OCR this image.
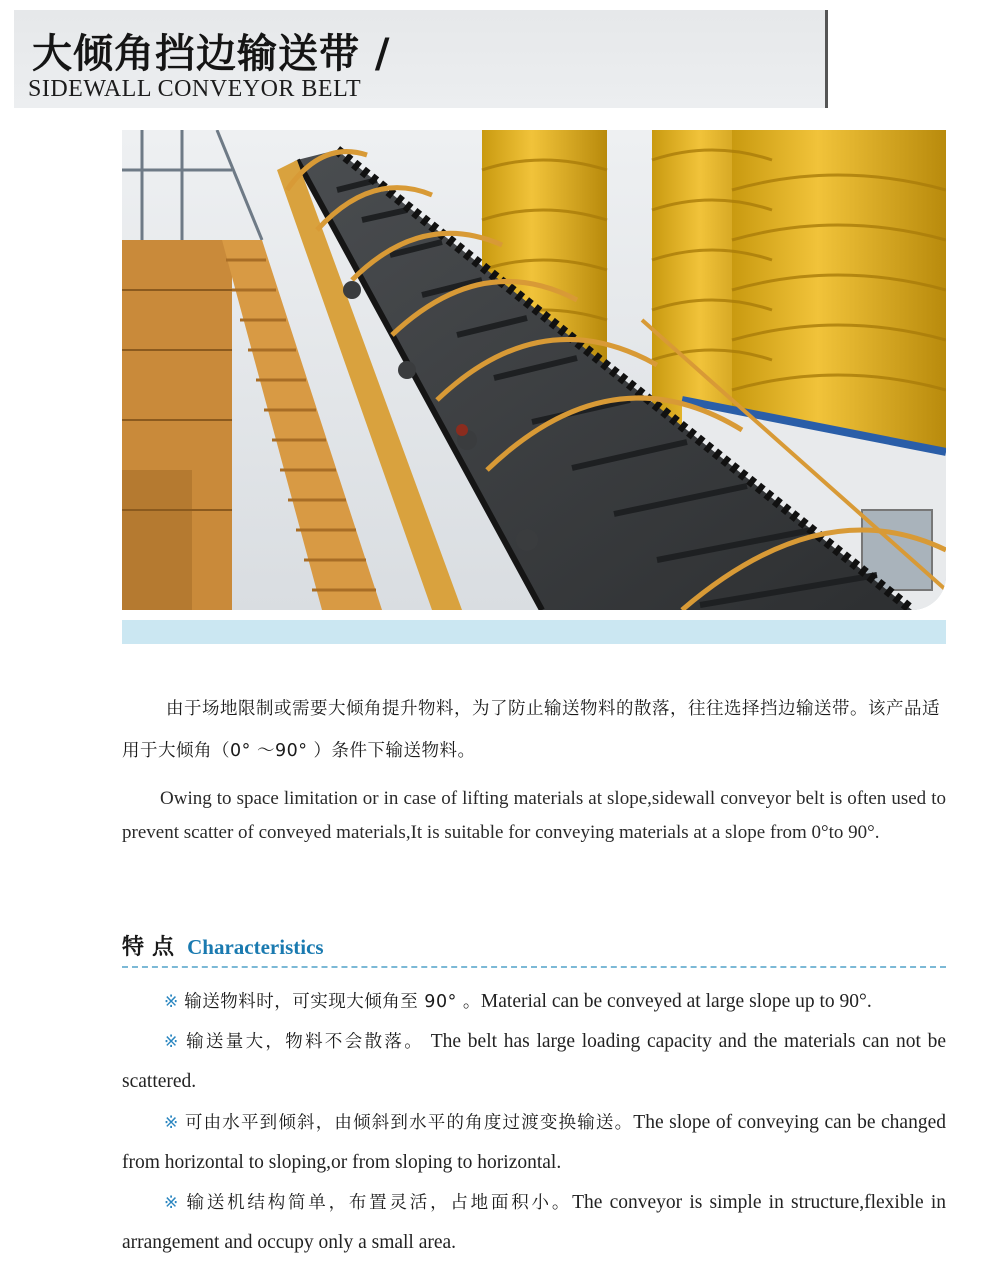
大倾角挡边输送带 /
SIDEWALL CONVEYOR BELT
由于场地限制或需要大倾角提升物料，为了防止输送物料的散落，往往选择挡边输送带。该产品适用于大倾角（0° ～90° ）条件下输送物料。
Owing to space limitation or in case of lifting materials at slope,sidewall conveyor belt is often used to prevent scatter of conveyed materials,It is suitable for conveying materials at a slope from 0°to 90°.
特点 Characteristics
※ 输送物料时，可实现大倾角至 90° 。Material can be conveyed at large slope up to 90°.
※ 输送量大，物料不会散落。 The belt has large loading capacity and the materials can not be scattered.
※ 可由水平到倾斜，由倾斜到水平的角度过渡变换输送。The slope of conveying can be changed from horizontal to sloping,or from sloping to horizontal.
※ 输送机结构简单，布置灵活，占地面积小。The conveyor is simple in structure,flexible in arrangement and occupy only a small area.
